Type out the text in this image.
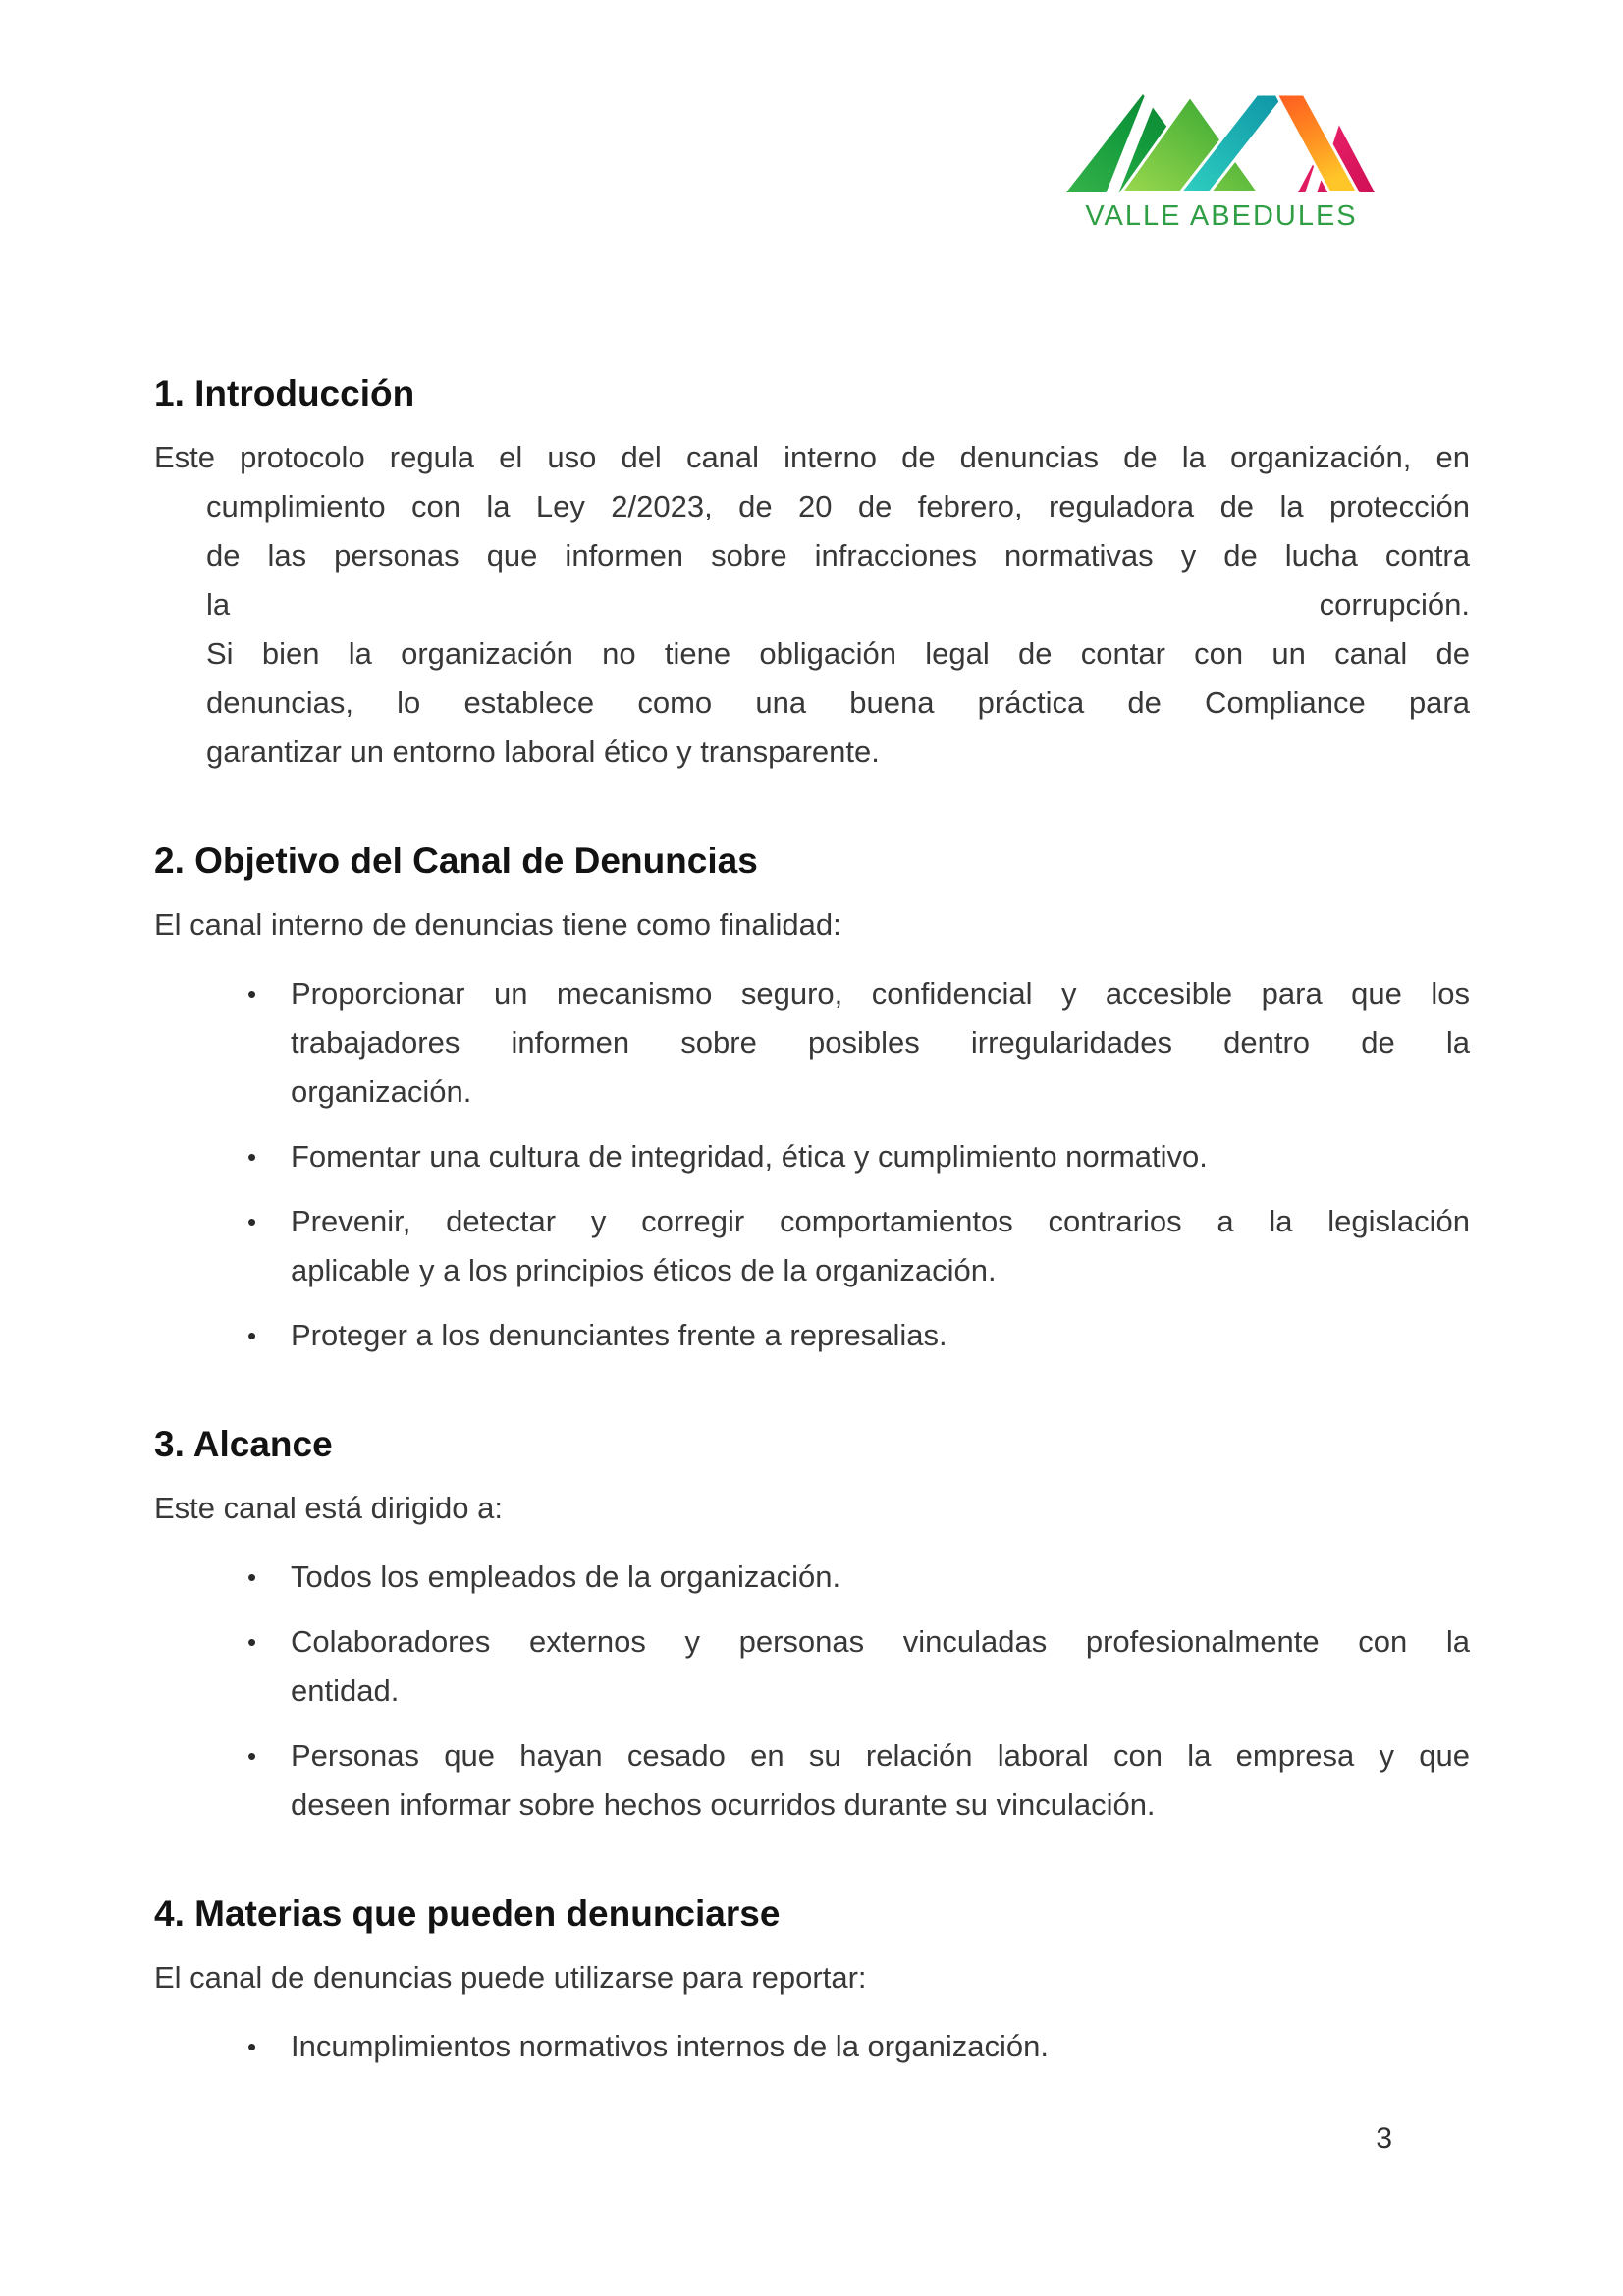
VALLE ABEDULES
1. Introducción
Este protocolo regula el uso del canal interno de denuncias de la organización, en
cumplimiento con la Ley 2/2023, de 20 de febrero, reguladora de la protección
de las personas que informen sobre infracciones normativas y de lucha contra
la corrupción.
Si bien la organización no tiene obligación legal de contar con un canal de
denuncias, lo establece como una buena práctica de Compliance para
garantizar un entorno laboral ético y transparente.
2. Objetivo del Canal de Denuncias

El canal interno de denuncias tiene como finalidad:

• Proporcionar un mecanismo seguro, confidencial y accesible para que los
trabajadores informen sobre posibles irregularidades dentro de la
organización.
• Fomentar una cultura de integridad, ética y cumplimiento normativo.
• Prevenir, detectar y corregir comportamientos contrarios a la legislación
aplicable y a los principios éticos de la organización.
• Proteger a los denunciantes frente a represalias.
3. Alcance

Este canal está dirigido a:

• Todos los empleados de la organización.
• Colaboradores externos y personas vinculadas profesionalmente con la
entidad.
• Personas que hayan cesado en su relación laboral con la empresa y que
deseen informar sobre hechos ocurridos durante su vinculación.
4. Materias que pueden denunciarse

El canal de denuncias puede utilizarse para reportar:

• Incumplimientos normativos internos de la organización.
3
